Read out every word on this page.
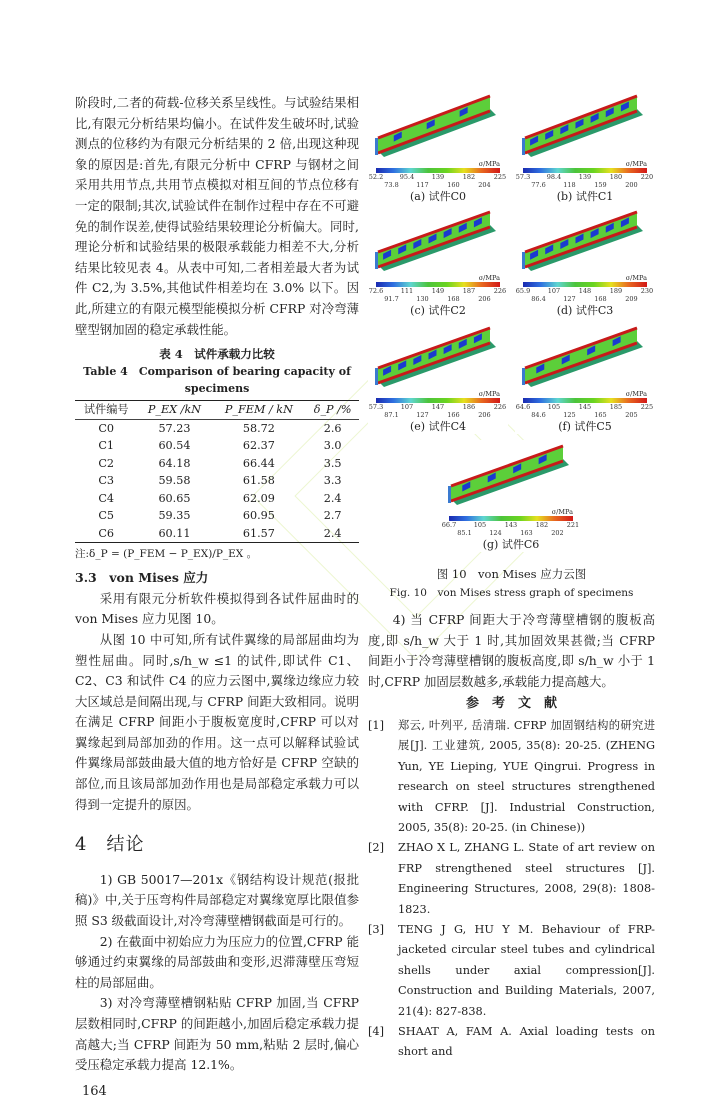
阶段时,二者的荷载-位移关系呈线性。与试验结果相比,有限元分析结果均偏小。在试件发生破坏时,试验测点的位移约为有限元分析结果的 2 倍,出现这种现象的原因是:首先,有限元分析中 CFRP 与钢材之间采用共用节点,共用节点模拟对相互间的节点位移有一定的限制;其次,试验试件在制作过程中存在不可避免的制作误差,使得试验结果较理论分析偏大。同时,理论分析和试验结果的极限承载能力相差不大,分析结果比较见表 4。从表中可知,二者相差最大者为试件 C2,为 3.5%,其他试件相差均在 3.0% 以下。因此,所建立的有限元模型能模拟分析 CFRP 对冷弯薄壁型钢加固的稳定承载性能。

表 4　试件承载力比较
Table 4　Comparison of bearing capacity of specimens
试件编号	P_EX /kN	P_FEM / kN	δ_P /%
C0	57.23	58.72	2.6
C1	60.54	62.37	3.0
C2	64.18	66.44	3.5
C3	59.58	61.58	3.3
C4	60.65	62.09	2.4
C5	59.35	60.95	2.7
C6	60.11	61.57	2.4
注:δ_P = (P_FEM − P_EX)/P_EX 。

3.3　von Mises 应力

采用有限元分析软件模拟得到各试件屈曲时的 von Mises 应力见图 10。

从图 10 中可知,所有试件翼缘的局部屈曲均为塑性屈曲。同时,s/h_w ≤1 的试件,即试件 C1、C2、C3 和试件 C4 的应力云图中,翼缘边缘应力较大区域总是间隔出现,与 CFRP 间距大致相同。说明在满足 CFRP 间距小于腹板宽度时,CFRP 可以对翼缘起到局部加劲的作用。这一点可以解释试验试件翼缘局部鼓曲最大值的地方恰好是 CFRP 空缺的部位,而且该局部加劲作用也是局部稳定承载力可以得到一定提升的原因。

4　结论

1) GB 50017—201x《钢结构设计规范(报批稿)》中,关于压弯构件局部稳定对翼缘宽厚比限值参照 S3 级截面设计,对冷弯薄壁槽钢截面是可行的。

2) 在截面中初始应力为压应力的位置,CFRP 能够通过约束翼缘的局部鼓曲和变形,迟滞薄壁压弯短柱的局部屈曲。

3) 对冷弯薄壁槽钢粘贴 CFRP 加固,当 CFRP 层数相同时,CFRP 的间距越小,加固后稳定承载力提高越大;当 CFRP 间距为 50 mm,粘贴 2 层时,偏心受压稳定承载力提高 12.1%。

164
σ/MPa
52.2
73.8
95.4
117
139
160
182
204
225
(a) 试件C0
σ/MPa
57.3
77.6
98.4
118
139
159
180
200
220
(b) 试件C1
σ/MPa
72.6
91.7
111
130
149
168
187
206
226
(c) 试件C2
σ/MPa
65.9
86.4
107
127
148
168
189
209
230
(d) 试件C3
σ/MPa
57.3
87.1
107
127
147
166
186
206
226
(e) 试件C4
σ/MPa
64.6
84.6
105
125
145
165
185
205
225
(f) 试件C5
σ/MPa
66.7
85.1
105
124
143
163
182
202
221
(g) 试件C6
图 10　von Mises 应力云图
Fig. 10　von Mises stress graph of specimens

4) 当 CFRP 间距大于冷弯薄壁槽钢的腹板高度,即 s/h_w 大于 1 时,其加固效果甚微;当 CFRP 间距小于冷弯薄壁槽钢的腹板高度,即 s/h_w 小于 1 时,CFRP 加固层数越多,承载能力提高越大。

参　考　文　献
[1]	郑云, 叶列平, 岳清瑞. CFRP 加固钢结构的研究进展[J]. 工业建筑, 2005, 35(8): 20-25. (ZHENG Yun, YE Lieping, YUE Qingrui. Progress in research on steel structures strengthened with CFRP. [J]. Industrial Construction, 2005, 35(8): 20-25. (in Chinese))
[2]	ZHAO X L, ZHANG L. State of art review on FRP strengthened steel structures [J]. Engineering Structures, 2008, 29(8): 1808-1823.
[3]	TENG J G, HU Y M. Behaviour of FRP-jacketed circular steel tubes and cylindrical shells under axial compression[J]. Construction and Building Materials, 2007, 21(4): 827-838.
[4]	SHAAT A, FAM A. Axial loading tests on short and
